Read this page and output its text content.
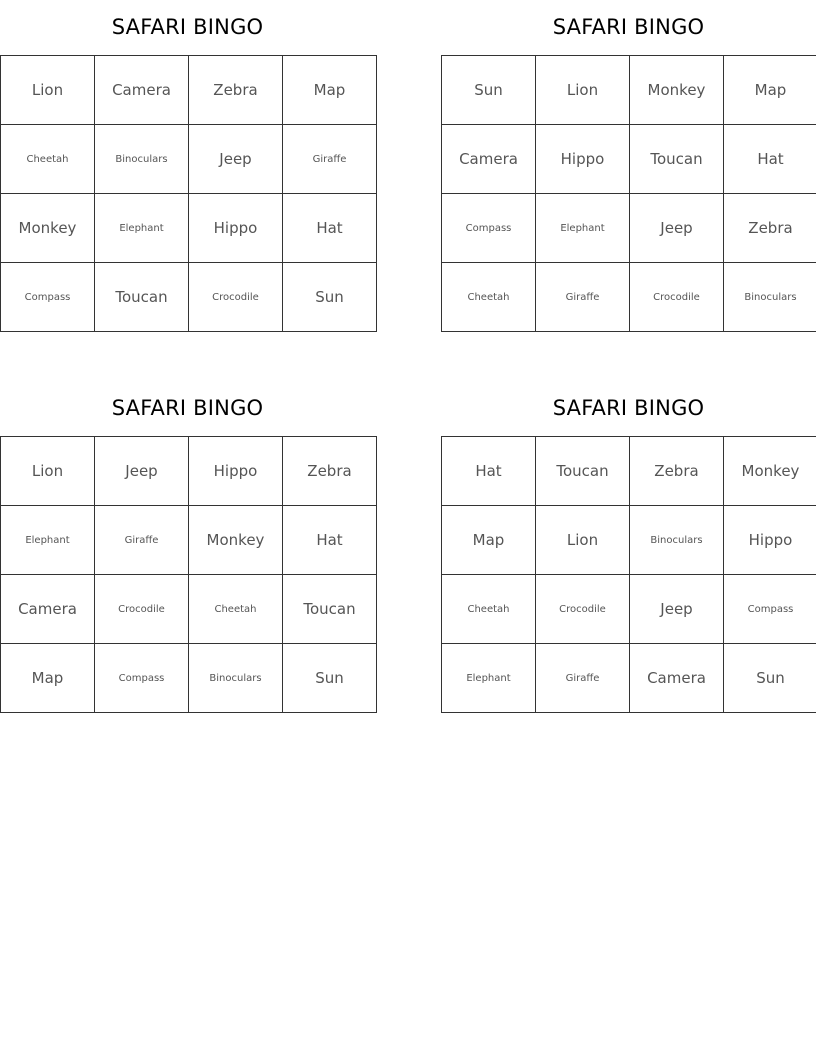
SAFARI BINGO
Lion	Camera	Zebra	Map
Cheetah	Binoculars	Jeep	Giraffe
Monkey	Elephant	Hippo	Hat
Compass	Toucan	Crocodile	Sun
SAFARI BINGO
Sun	Lion	Monkey	Map
Camera	Hippo	Toucan	Hat
Compass	Elephant	Jeep	Zebra
Cheetah	Giraffe	Crocodile	Binoculars
SAFARI BINGO
Lion	Jeep	Hippo	Zebra
Elephant	Giraffe	Monkey	Hat
Camera	Crocodile	Cheetah	Toucan
Map	Compass	Binoculars	Sun
SAFARI BINGO
Hat	Toucan	Zebra	Monkey
Map	Lion	Binoculars	Hippo
Cheetah	Crocodile	Jeep	Compass
Elephant	Giraffe	Camera	Sun
